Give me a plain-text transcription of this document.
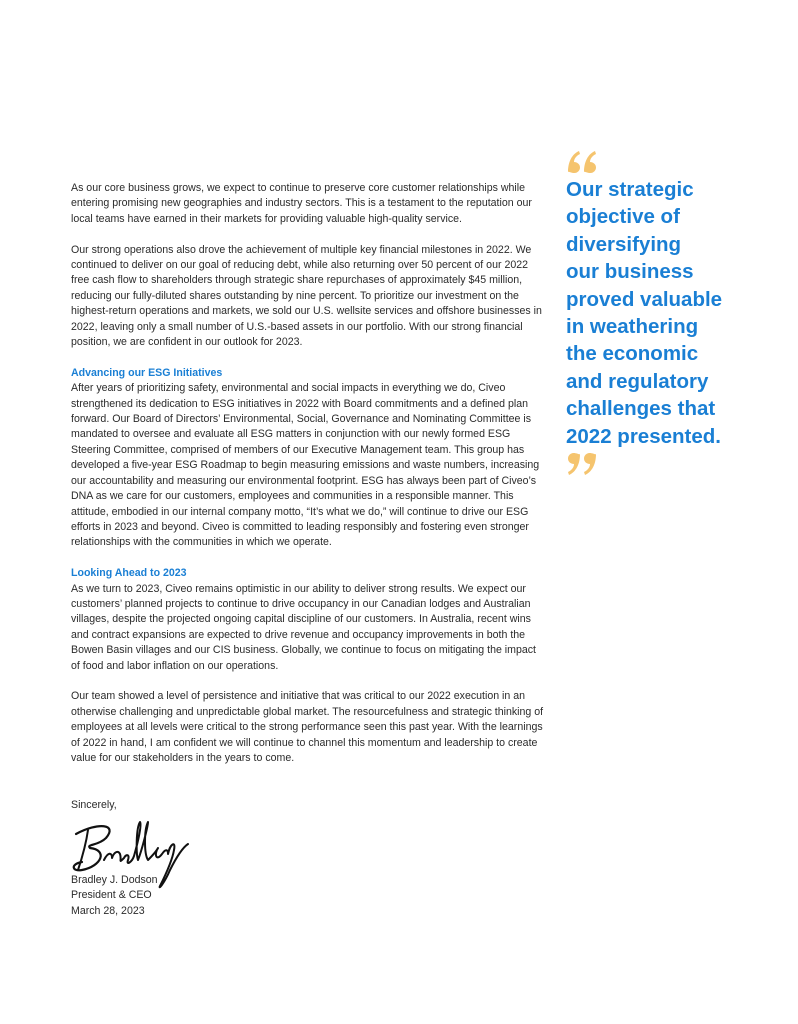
As our core business grows, we expect to continue to preserve core customer relationships while entering promising new geographies and industry sectors. This is a testament to the reputation our local teams have earned in their markets for providing valuable high-quality service.

Our strong operations also drove the achievement of multiple key financial milestones in 2022. We continued to deliver on our goal of reducing debt, while also returning over 50 percent of our 2022 free cash flow to shareholders through strategic share repurchases of approximately $45 million, reducing our fully-diluted shares outstanding by nine percent. To prioritize our investment on the highest-return operations and markets, we sold our U.S. wellsite services and offshore businesses in 2022, leaving only a small number of U.S.-based assets in our portfolio. With our strong financial position, we are confident in our outlook for 2023.

Advancing our ESG Initiatives

After years of prioritizing safety, environmental and social impacts in everything we do, Civeo strengthened its dedication to ESG initiatives in 2022 with Board commitments and a defined plan forward. Our Board of Directors’ Environmental, Social, Governance and Nominating Committee is mandated to oversee and evaluate all ESG matters in conjunction with our newly formed ESG Steering Committee, comprised of members of our Executive Management team. This group has developed a five-year ESG Roadmap to begin measuring emissions and waste numbers, increasing our accountability and measuring our environmental footprint. ESG has always been part of Civeo’s DNA as we care for our customers, employees and communities in a responsible manner. This attitude, embodied in our internal company motto, “It’s what we do,” will continue to drive our ESG efforts in 2023 and beyond. Civeo is committed to leading responsibly and fostering even stronger relationships with the communities in which we operate.

Looking Ahead to 2023

As we turn to 2023, Civeo remains optimistic in our ability to deliver strong results. We expect our customers’ planned projects to continue to drive occupancy in our Canadian lodges and Australian villages, despite the projected ongoing capital discipline of our customers. In Australia, recent wins and contract expansions are expected to drive revenue and occupancy improvements in both the Bowen Basin villages and our CIS business. Globally, we continue to focus on mitigating the impact of food and labor inflation on our operations.

Our team showed a level of persistence and initiative that was critical to our 2022 execution in an otherwise challenging and unpredictable global market. The resourcefulness and strategic thinking of employees at all levels were critical to the strong performance seen this past year. With the learnings of 2022 in hand, I am confident we will continue to channel this momentum and leadership to create value for our stakeholders in the years to come.

Sincerely,
Bradley J. Dodson
President & CEO
March 28, 2023
Our strategic
objective of
diversifying
our business
proved valuable
in weathering
the economic
and regulatory
challenges that
2022 presented.
